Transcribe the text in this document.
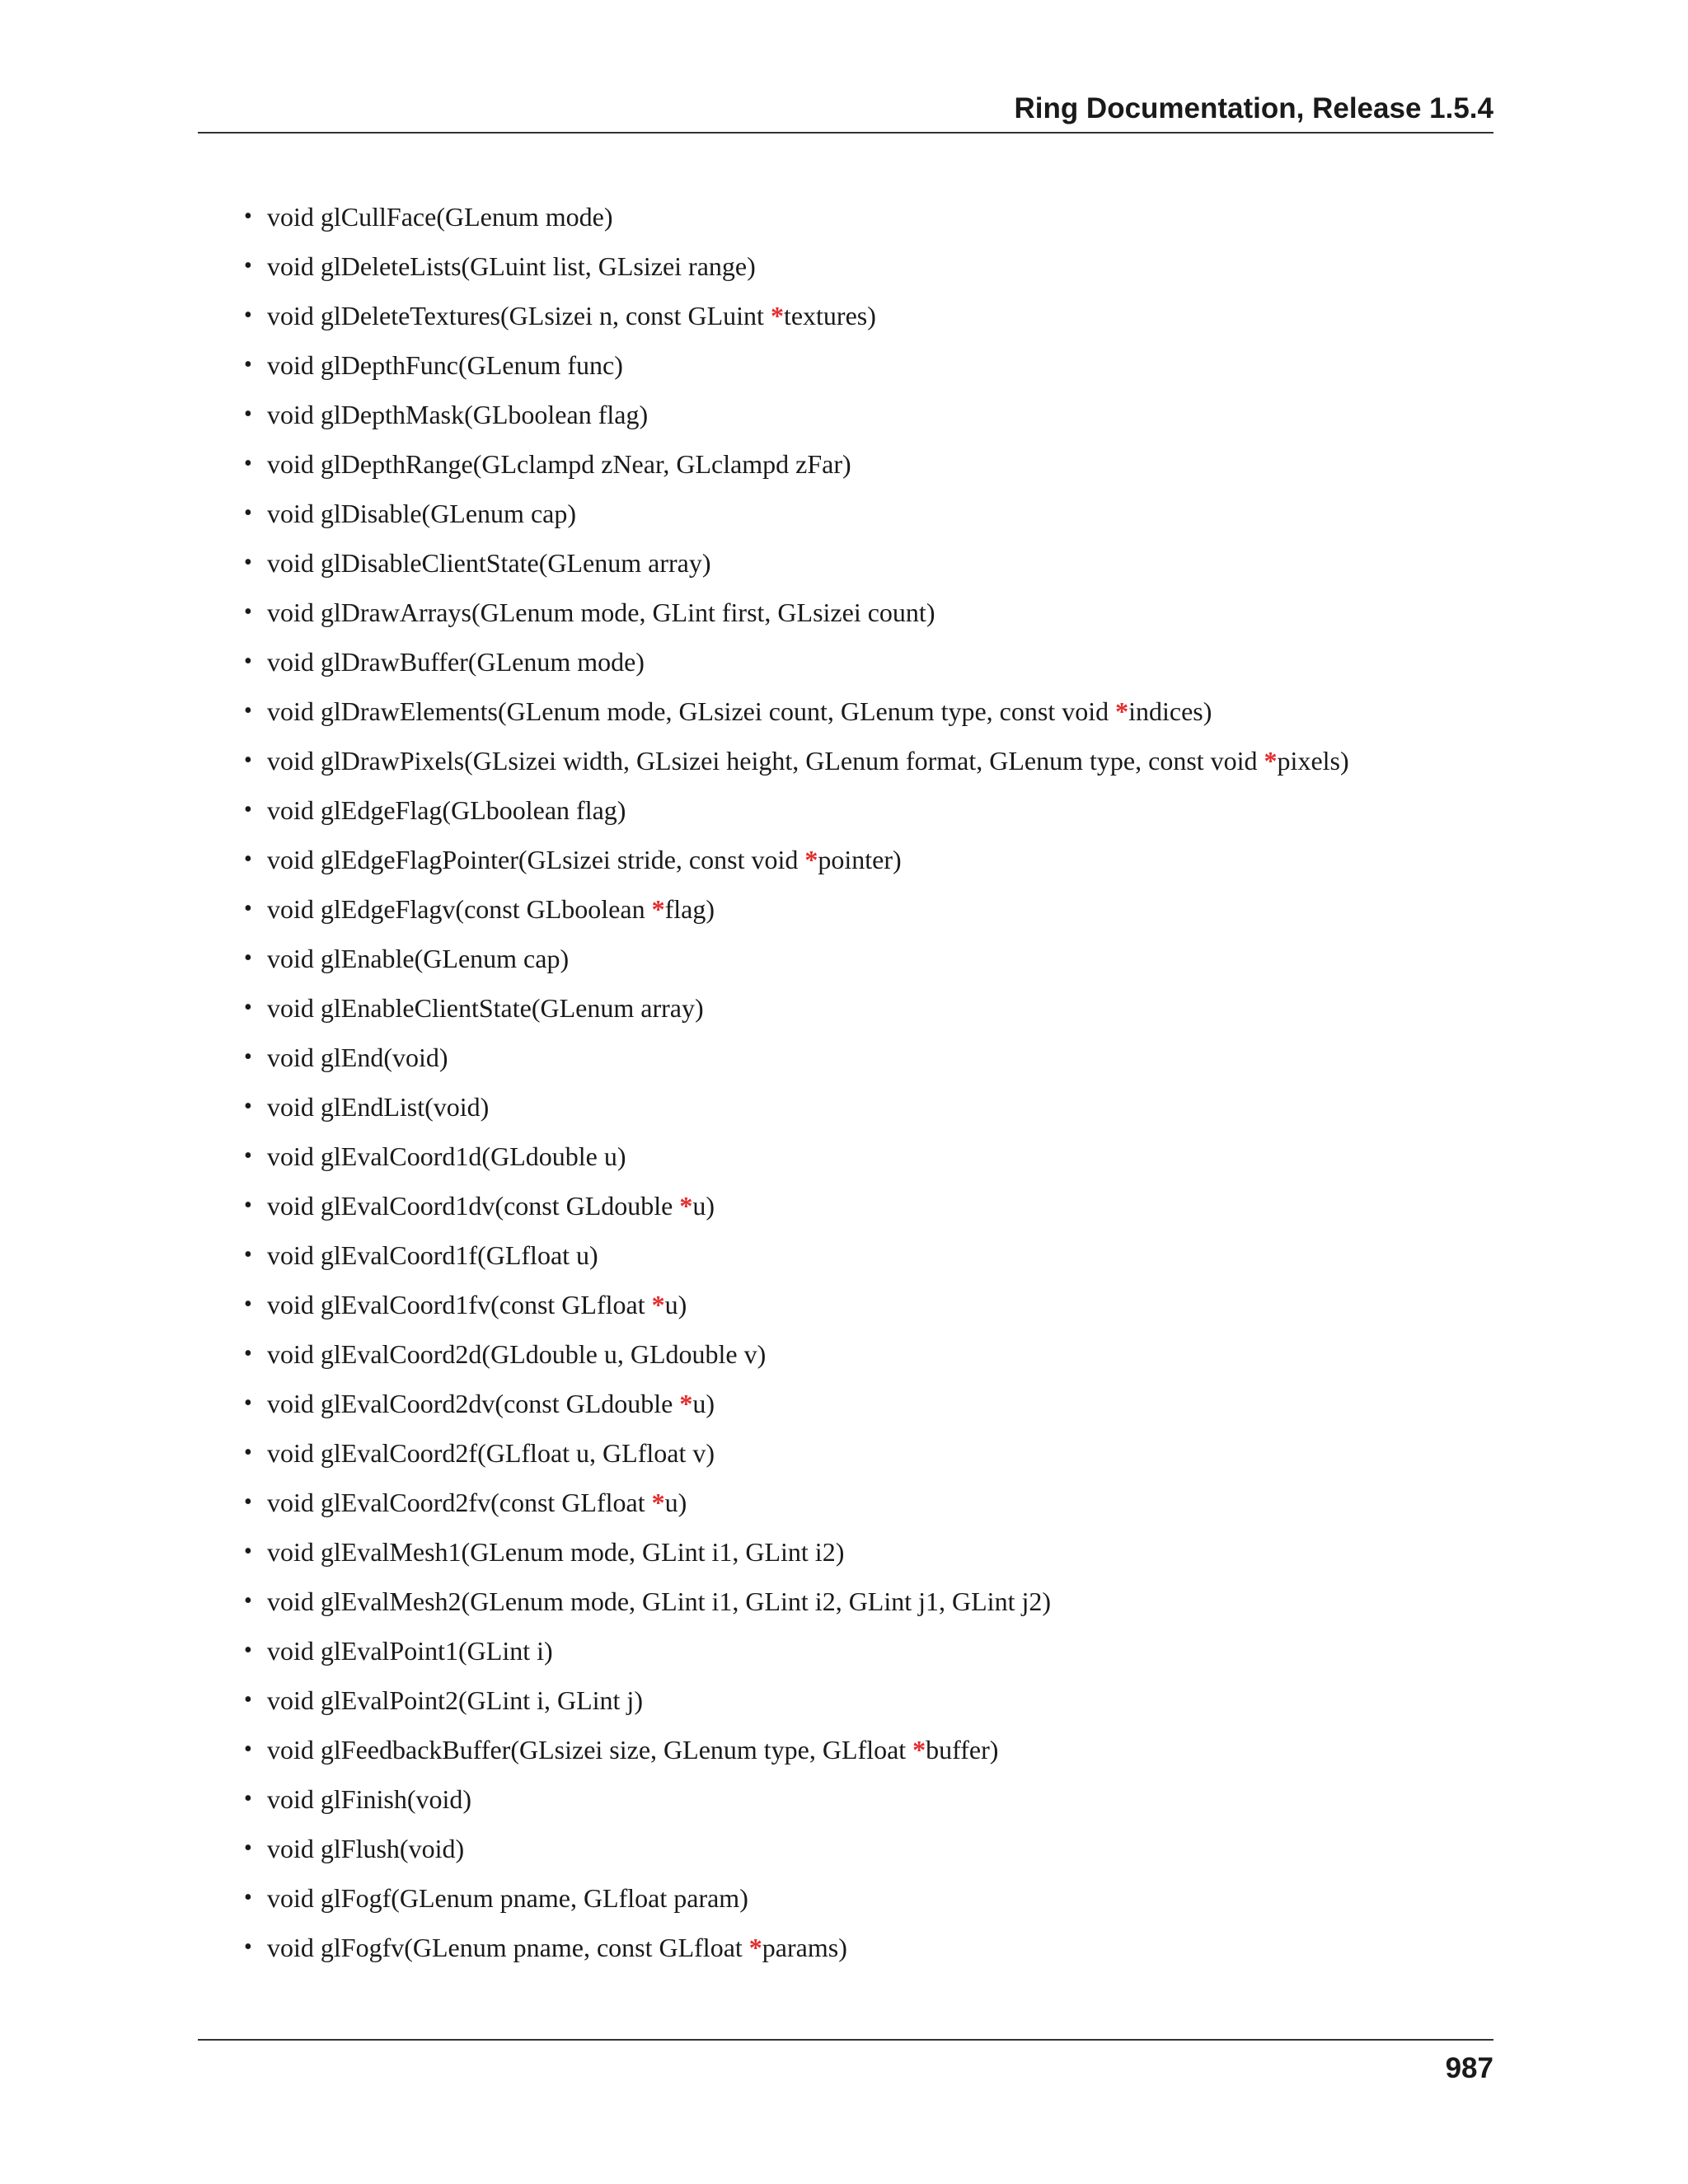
Ring Documentation, Release 1.5.4
• void glCullFace(GLenum mode)
• void glDeleteLists(GLuint list, GLsizei range)
• void glDeleteTextures(GLsizei n, const GLuint *textures)
• void glDepthFunc(GLenum func)
• void glDepthMask(GLboolean flag)
• void glDepthRange(GLclampd zNear, GLclampd zFar)
• void glDisable(GLenum cap)
• void glDisableClientState(GLenum array)
• void glDrawArrays(GLenum mode, GLint first, GLsizei count)
• void glDrawBuffer(GLenum mode)
• void glDrawElements(GLenum mode, GLsizei count, GLenum type, const void *indices)
• void glDrawPixels(GLsizei width, GLsizei height, GLenum format, GLenum type, const void *pixels)
• void glEdgeFlag(GLboolean flag)
• void glEdgeFlagPointer(GLsizei stride, const void *pointer)
• void glEdgeFlagv(const GLboolean *flag)
• void glEnable(GLenum cap)
• void glEnableClientState(GLenum array)
• void glEnd(void)
• void glEndList(void)
• void glEvalCoord1d(GLdouble u)
• void glEvalCoord1dv(const GLdouble *u)
• void glEvalCoord1f(GLfloat u)
• void glEvalCoord1fv(const GLfloat *u)
• void glEvalCoord2d(GLdouble u, GLdouble v)
• void glEvalCoord2dv(const GLdouble *u)
• void glEvalCoord2f(GLfloat u, GLfloat v)
• void glEvalCoord2fv(const GLfloat *u)
• void glEvalMesh1(GLenum mode, GLint i1, GLint i2)
• void glEvalMesh2(GLenum mode, GLint i1, GLint i2, GLint j1, GLint j2)
• void glEvalPoint1(GLint i)
• void glEvalPoint2(GLint i, GLint j)
• void glFeedbackBuffer(GLsizei size, GLenum type, GLfloat *buffer)
• void glFinish(void)
• void glFlush(void)
• void glFogf(GLenum pname, GLfloat param)
• void glFogfv(GLenum pname, const GLfloat *params)
987
